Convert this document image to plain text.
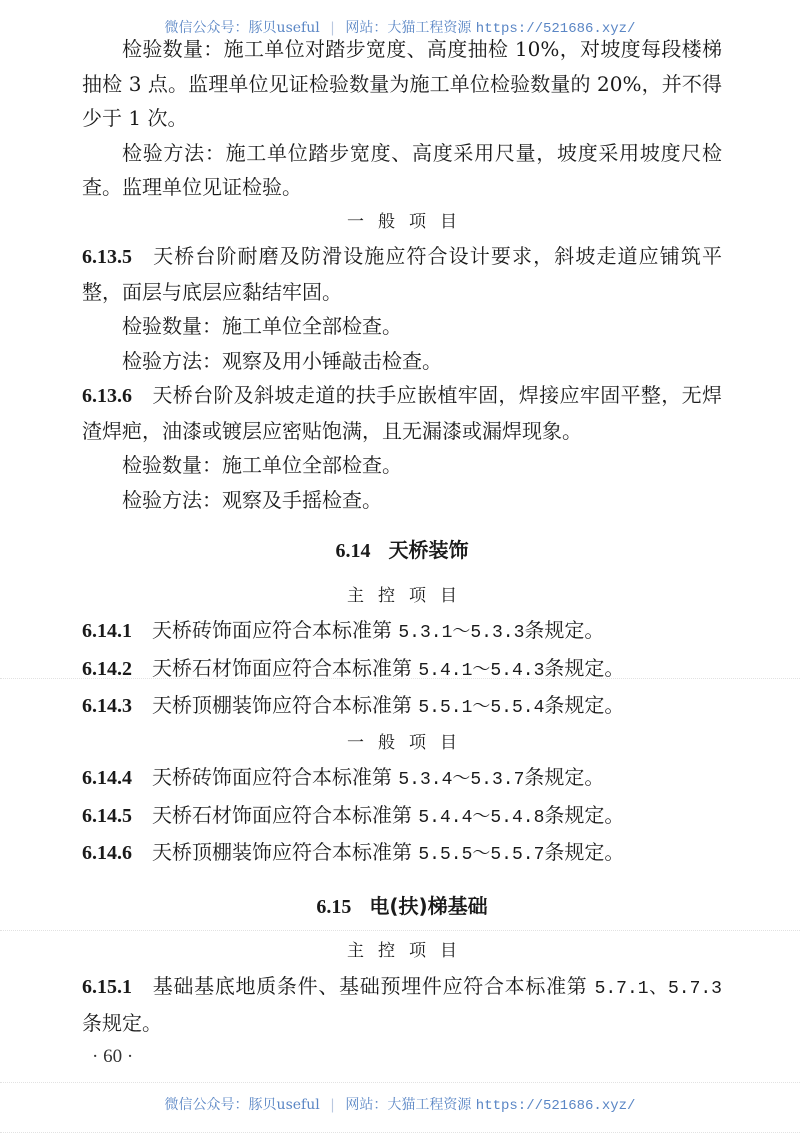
微信公众号：豚贝useful | 网站：大猫工程资源 https://521686.xyz/

检验数量：施工单位对踏步宽度、高度抽检 10%，对坡度每段楼梯抽检 3 点。监理单位见证检验数量为施工单位检验数量的 20%，并不得少于 1 次。

检验方法：施工单位踏步宽度、高度采用尺量，坡度采用坡度尺检查。监理单位见证检验。

一般项目

6.13.5 天桥台阶耐磨及防滑设施应符合设计要求，斜坡走道应铺筑平整，面层与底层应黏结牢固。

检验数量：施工单位全部检查。

检验方法：观察及用小锤敲击检查。

6.13.6 天桥台阶及斜坡走道的扶手应嵌植牢固，焊接应牢固平整，无焊渣焊疤，油漆或镀层应密贴饱满，且无漏漆或漏焊现象。

检验数量：施工单位全部检查。

检验方法：观察及手摇检查。

6.14 天桥装饰

主控项目

6.14.1 天桥砖饰面应符合本标准第 5.3.1～5.3.3条规定。

6.14.2 天桥石材饰面应符合本标准第 5.4.1～5.4.3条规定。

6.14.3 天桥顶棚装饰应符合本标准第 5.5.1～5.5.4条规定。

一般项目

6.14.4 天桥砖饰面应符合本标准第 5.3.4～5.3.7条规定。

6.14.5 天桥石材饰面应符合本标准第 5.4.4～5.4.8条规定。

6.14.6 天桥顶棚装饰应符合本标准第 5.5.5～5.5.7条规定。

6.15 电(扶)梯基础

主控项目

6.15.1 基础基底地质条件、基础预埋件应符合本标准第 5.7.1、5.7.3条规定。

· 60 ·
微信公众号：豚贝useful | 网站：大猫工程资源 https://521686.xyz/
